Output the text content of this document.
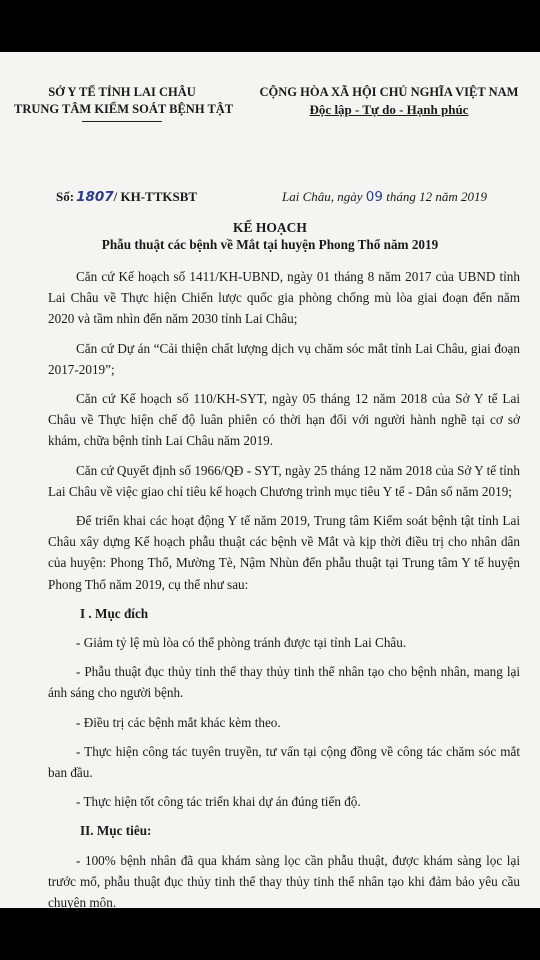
SỞ Y TẾ TỈNH LAI CHÂU
TRUNG TÂM KIỂM SOÁT BỆNH TẬT
CỘNG HÒA XÃ HỘI CHỦ NGHĨA VIỆT NAM
Độc lập - Tự do - Hạnh phúc
Số: 1807/ KH-TTKSBT	Lai Châu, ngày 09 tháng 12 năm 2019
KẾ HOẠCH
Phẫu thuật các bệnh về Mắt tại huyện Phong Thổ năm 2019

Căn cứ Kế hoạch số 1411/KH-UBND, ngày 01 tháng 8 năm 2017 của UBND tỉnh Lai Châu về Thực hiện Chiến lược quốc gia phòng chống mù lòa giai đoạn đến năm 2020 và tầm nhìn đến năm 2030 tỉnh Lai Châu;

Căn cứ Dự án “Cải thiện chất lượng dịch vụ chăm sóc mắt tỉnh Lai Châu, giai đoạn 2017-2019”;

Căn cứ Kế hoạch số 110/KH-SYT, ngày 05 tháng 12 năm 2018 của Sở Y tế Lai Châu về Thực hiện chế độ luân phiên có thời hạn đối với người hành nghề tại cơ sở khám, chữa bệnh tỉnh Lai Châu năm 2019.

Căn cứ Quyết định số 1966/QĐ - SYT, ngày 25 tháng 12 năm 2018 của Sở Y tế tỉnh Lai Châu về việc giao chỉ tiêu kế hoạch Chương trình mục tiêu Y tế - Dân số năm 2019;

Để triển khai các hoạt động Y tế năm 2019, Trung tâm Kiểm soát bệnh tật tỉnh Lai Châu xây dựng Kế hoạch phẫu thuật các bệnh về Mắt và kịp thời điều trị cho nhân dân của huyện: Phong Thổ, Mường Tè, Nậm Nhùn đến phẫu thuật tại Trung tâm Y tế huyện Phong Thổ năm 2019, cụ thể như sau:

I . Mục đích

- Giảm tỷ lệ mù lòa có thể phòng tránh được tại tỉnh Lai Châu.

- Phẫu thuật đục thủy tinh thể thay thủy tinh thể nhân tạo cho bệnh nhân, mang lại ánh sáng cho người bệnh.

- Điều trị các bệnh mắt khác kèm theo.

- Thực hiện công tác tuyên truyền, tư vấn tại cộng đồng về công tác chăm sóc mắt ban đầu.

- Thực hiện tốt công tác triển khai dự án đúng tiến độ.

II. Mục tiêu:

- 100% bệnh nhân đã qua khám sàng lọc cần phẫu thuật, được khám sàng lọc lại trước mổ, phẫu thuật đục thủy tinh thể thay thủy tinh thể nhân tạo khi đảm bảo yêu cầu chuyên môn.
